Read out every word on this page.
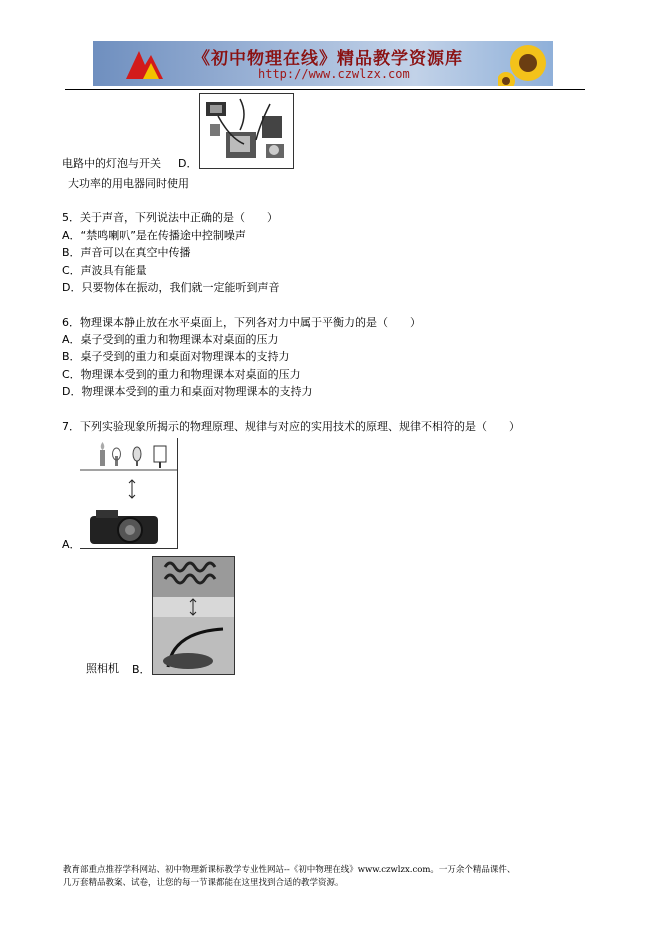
《初中物理在线》精品教学资源库
http://www.czwlzx.com
电路中的灯泡与开关 D．
大功率的用电器同时使用
5．关于声音，下列说法中正确的是（　　）
A．“禁鸣喇叭”是在传播途中控制噪声
B．声音可以在真空中传播
C．声波具有能量
D．只要物体在振动，我们就一定能听到声音
6．物理课本静止放在水平桌面上，下列各对力中属于平衡力的是（　　）
A．桌子受到的重力和物理课本对桌面的压力
B．桌子受到的重力和桌面对物理课本的支持力
C．物理课本受到的重力和物理课本对桌面的压力
D．物理课本受到的重力和桌面对物理课本的支持力
7．下列实验现象所揭示的物理原理、规律与对应的实用技术的原理、规律不相符的是（　　）
A．
照相机 B．
教育部重点推荐学科网站、初中物理新课标教学专业性网站--《初中物理在线》www.czwlzx.com。一万余个精品课件、
几万套精品教案、试卷，让您的每一节课都能在这里找到合适的教学资源。
